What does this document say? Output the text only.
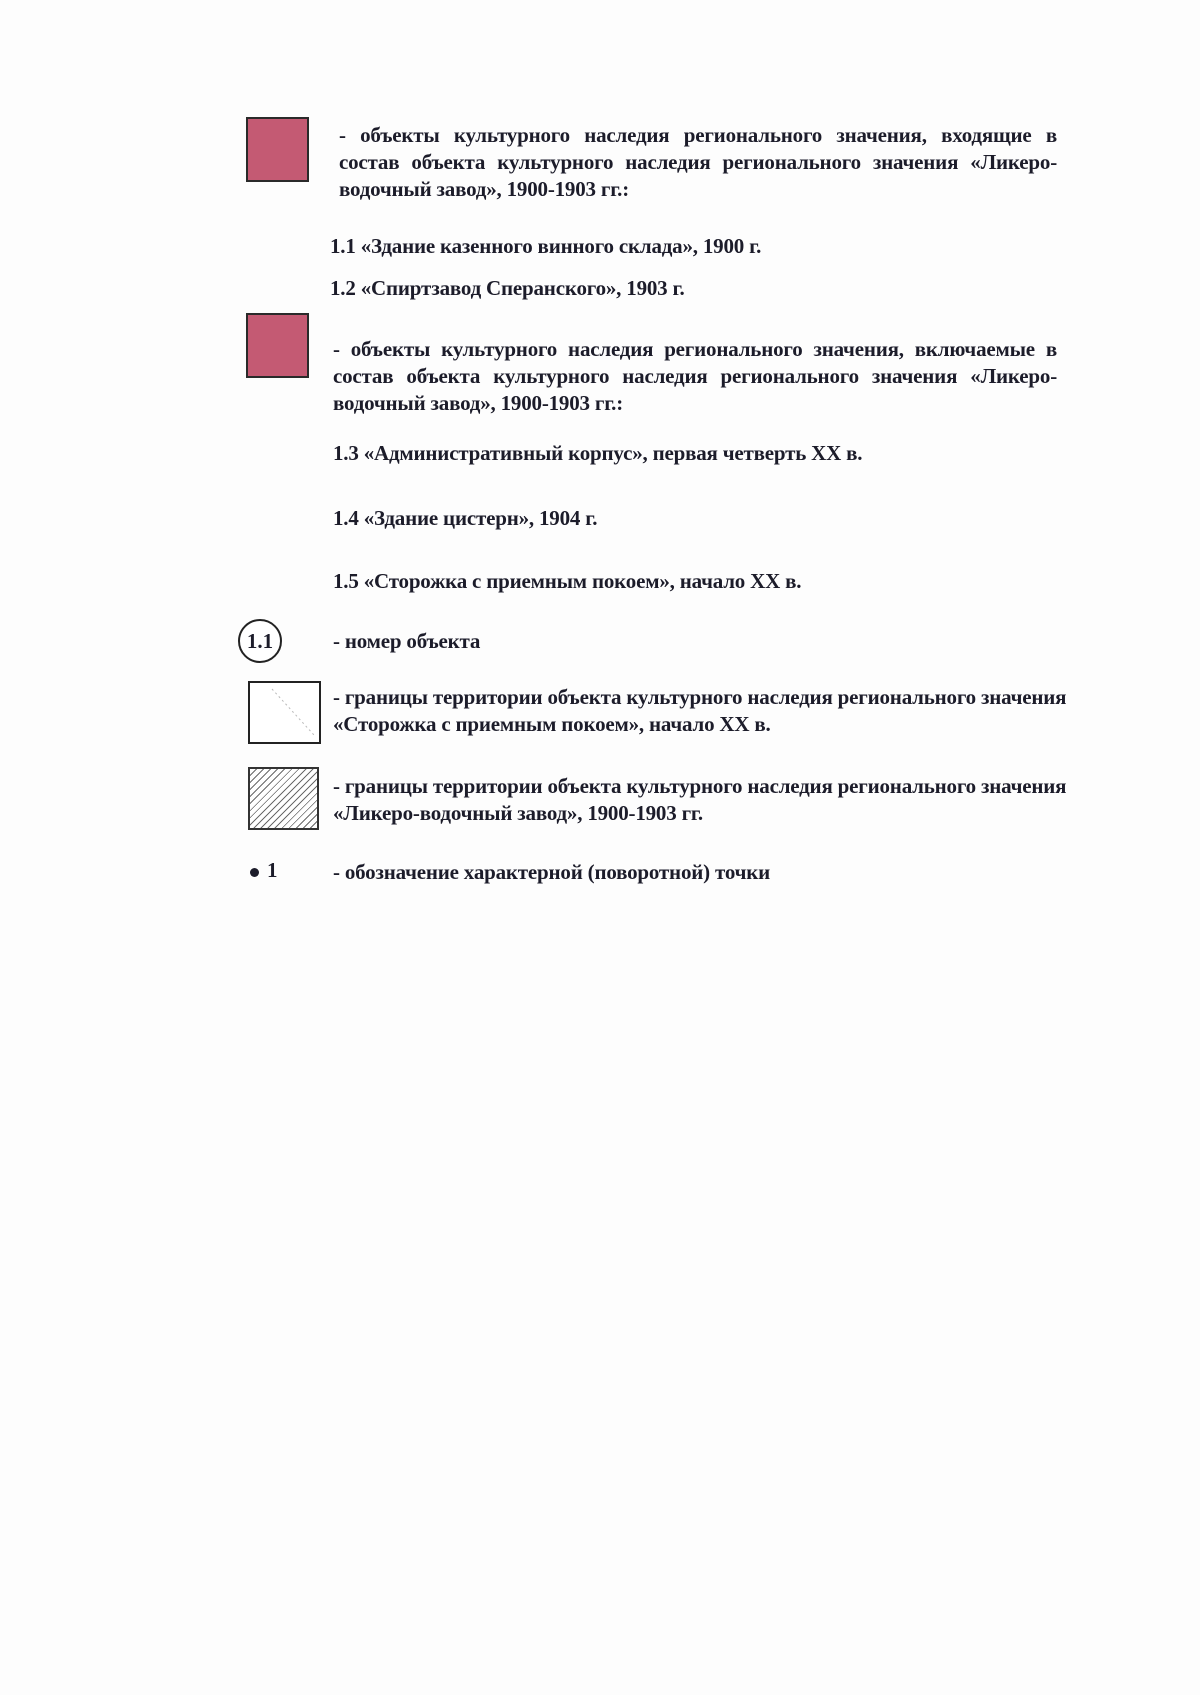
- объекты культурного наследия регионального значения, входящие в состав объекта культурного наследия регионального значения «Ликеро-водочный завод», 1900-1903 гг.:
1.1 «Здание казенного винного склада», 1900 г.
1.2 «Спиртзавод Сперанского», 1903 г.
- объекты культурного наследия регионального значения, включаемые в состав объекта культурного наследия регионального значения «Ликеро-водочный завод», 1900-1903 гг.:
1.3 «Административный корпус», первая четверть XX в.
1.4 «Здание цистерн», 1904 г.
1.5 «Сторожка с приемным покоем», начало XX в.
1.1	- номер объекта
- границы территории объекта культурного наследия регионального значения «Сторожка с приемным покоем», начало XX в.
- границы территории объекта культурного наследия регионального значения «Ликеро-водочный завод», 1900-1903 гг.
1	- обозначение характерной (поворотной) точки
